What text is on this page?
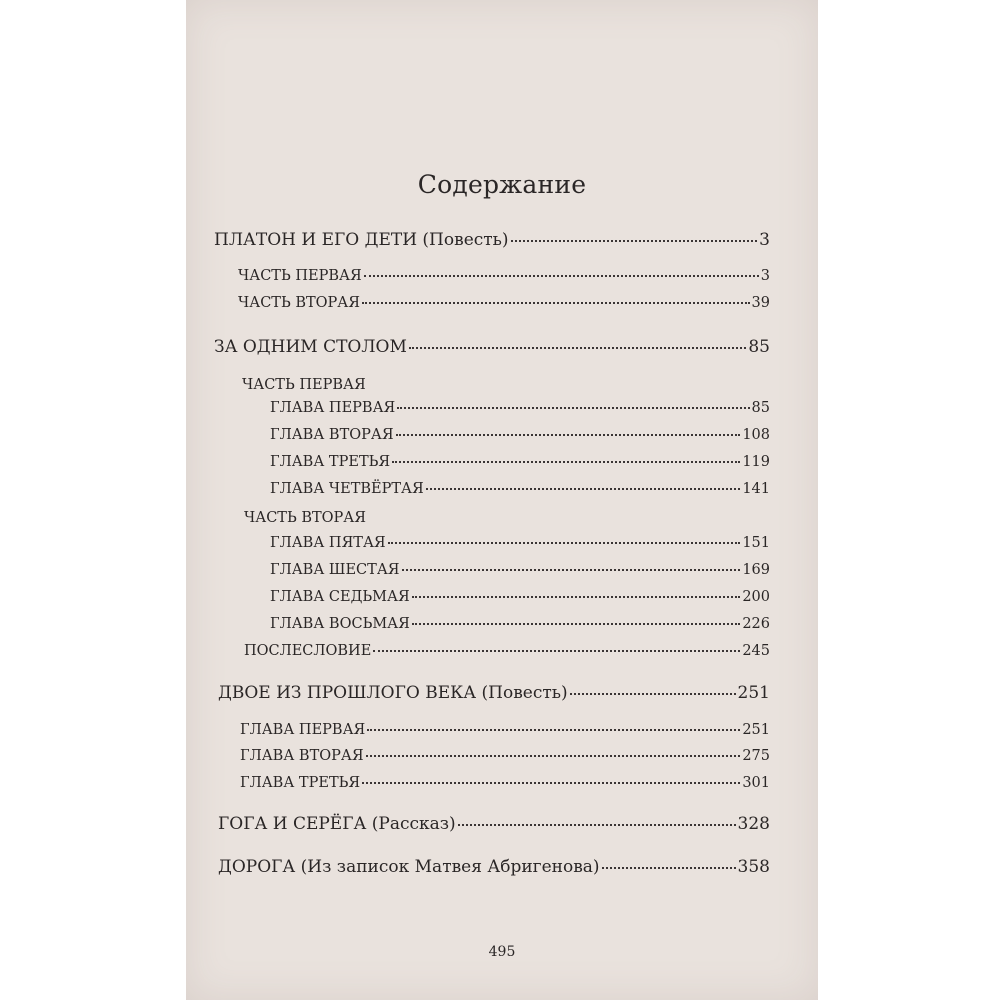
Содержание
ПЛАТОН И ЕГО ДЕТИ (Повесть)	3
ЧАСТЬ ПЕРВАЯ	3
ЧАСТЬ ВТОРАЯ	39
ЗА ОДНИМ СТОЛОМ	85
ЧАСТЬ ПЕРВАЯ
ГЛАВА ПЕРВАЯ	85
ГЛАВА ВТОРАЯ	108
ГЛАВА ТРЕТЬЯ	119
ГЛАВА ЧЕТВЁРТАЯ	141
ЧАСТЬ ВТОРАЯ
ГЛАВА ПЯТАЯ	151
ГЛАВА ШЕСТАЯ	169
ГЛАВА СЕДЬМАЯ	200
ГЛАВА ВОСЬМАЯ	226
ПОСЛЕСЛОВИЕ	245
ДВОЕ ИЗ ПРОШЛОГО ВЕКА (Повесть)	251
ГЛАВА ПЕРВАЯ	251
ГЛАВА ВТОРАЯ	275
ГЛАВА ТРЕТЬЯ	301
ГОГА И СЕРЁГА (Рассказ)	328
ДОРОГА (Из записок Матвея Абригенова)	358
495
